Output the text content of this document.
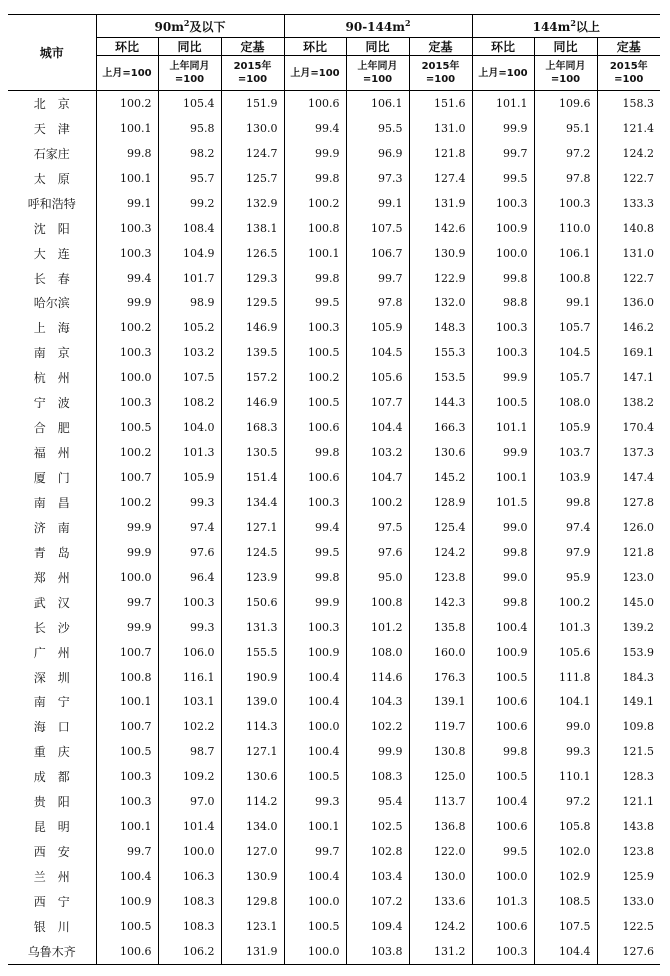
城市	$90m^2$及以下			$90-144m^2$			$144m^2$以上		
	环比	同比	定基	环比	同比	定基	环比	同比	定基
	上月=100	上年同月=100	2015年=100	上月=100	上年同月=100	2015年=100	上月=100	上年同月=100	2015年=100
北　京	100.2	105.4	151.9	100.6	106.1	151.6	101.1	109.6	158.3
天　津	100.1	95.8	130.0	99.4	95.5	131.0	99.9	95.1	121.4
石家庄	99.8	98.2	124.7	99.9	96.9	121.8	99.7	97.2	124.2
太　原	100.1	95.7	125.7	99.8	97.3	127.4	99.5	97.8	122.7
呼和浩特	99.1	99.2	132.9	100.2	99.1	131.9	100.3	100.3	133.3
沈　阳	100.3	108.4	138.1	100.8	107.5	142.6	100.9	110.0	140.8
大　连	100.3	104.9	126.5	100.1	106.7	130.9	100.0	106.1	131.0
长　春	99.4	101.7	129.3	99.8	99.7	122.9	99.8	100.8	122.7
哈尔滨	99.9	98.9	129.5	99.5	97.8	132.0	98.8	99.1	136.0
上　海	100.2	105.2	146.9	100.3	105.9	148.3	100.3	105.7	146.2
南　京	100.3	103.2	139.5	100.5	104.5	155.3	100.3	104.5	169.1
杭　州	100.0	107.5	157.2	100.2	105.6	153.5	99.9	105.7	147.1
宁　波	100.3	108.2	146.9	100.5	107.7	144.3	100.5	108.0	138.2
合　肥	100.5	104.0	168.3	100.6	104.4	166.3	101.1	105.9	170.4
福　州	100.2	101.3	130.5	99.8	103.2	130.6	99.9	103.7	137.3
厦　门	100.7	105.9	151.4	100.6	104.7	145.2	100.1	103.9	147.4
南　昌	100.2	99.3	134.4	100.3	100.2	128.9	101.5	99.8	127.8
济　南	99.9	97.4	127.1	99.4	97.5	125.4	99.0	97.4	126.0
青　岛	99.9	97.6	124.5	99.5	97.6	124.2	99.8	97.9	121.8
郑　州	100.0	96.4	123.9	99.8	95.0	123.8	99.0	95.9	123.0
武　汉	99.7	100.3	150.6	99.9	100.8	142.3	99.8	100.2	145.0
长　沙	99.9	99.3	131.3	100.3	101.2	135.8	100.4	101.3	139.2
广　州	100.7	106.0	155.5	100.9	108.0	160.0	100.9	105.6	153.9
深　圳	100.8	116.1	190.9	100.4	114.6	176.3	100.5	111.8	184.3
南　宁	100.1	103.1	139.0	100.4	104.3	139.1	100.6	104.1	149.1
海　口	100.7	102.2	114.3	100.0	102.2	119.7	100.6	99.0	109.8
重　庆	100.5	98.7	127.1	100.4	99.9	130.8	99.8	99.3	121.5
成　都	100.3	109.2	130.6	100.5	108.3	125.0	100.5	110.1	128.3
贵　阳	100.3	97.0	114.2	99.3	95.4	113.7	100.4	97.2	121.1
昆　明	100.1	101.4	134.0	100.1	102.5	136.8	100.6	105.8	143.8
西　安	99.7	100.0	127.0	99.7	102.8	122.0	99.5	102.0	123.8
兰　州	100.4	106.3	130.9	100.4	103.4	130.0	100.0	102.9	125.9
西　宁	100.9	108.3	129.8	100.0	107.2	133.6	101.3	108.5	133.0
银　川	100.5	108.3	123.1	100.5	109.4	124.2	100.6	107.5	122.5
乌鲁木齐	100.6	106.2	131.9	100.0	103.8	131.2	100.3	104.4	127.6
